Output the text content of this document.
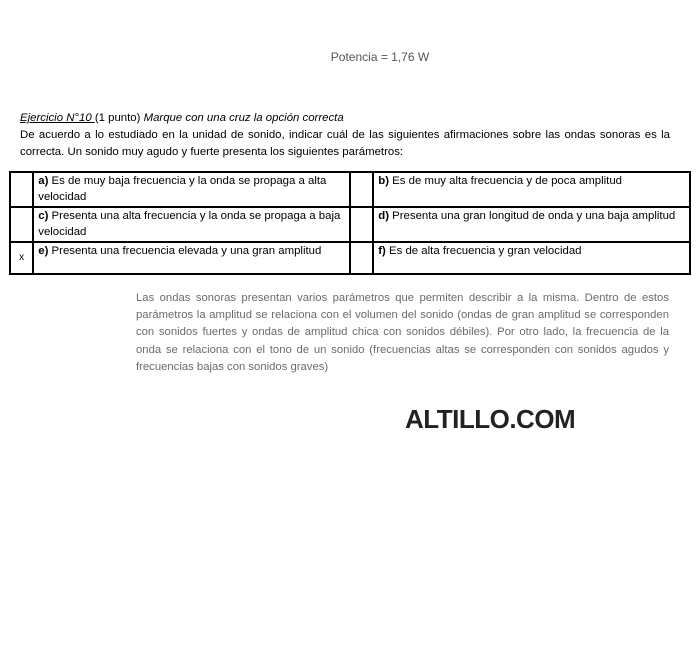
Potencia = 1,76 W
Ejercicio N°10 (1 punto) Marque con una cruz la opción correcta
De acuerdo a lo estudiado en la unidad de sonido, indicar cuál de las siguientes afirmaciones sobre las ondas sonoras es la correcta. Un sonido muy agudo y fuerte presenta los siguientes parámetros:
	a) Es de muy baja frecuencia y la onda se propaga a alta velocidad		b) Es de muy alta frecuencia y de poca amplitud
	c) Presenta una alta frecuencia y la onda se propaga a baja velocidad		d) Presenta una gran longitud de onda y una baja amplitud
x	e) Presenta una frecuencia elevada y una gran amplitud		f) Es de alta frecuencia y gran velocidad
Las ondas sonoras presentan varios parámetros que permiten describir a la misma. Dentro de estos parámetros la amplitud se relaciona con el volumen del sonido (ondas de gran amplitud se corresponden con sonidos fuertes y ondas de amplitud chica con sonidos débiles). Por otro lado, la frecuencia de la onda se relaciona con el tono de un sonido (frecuencias altas se corresponden con sonidos agudos y frecuencias bajas con sonidos graves)
ALTILLO.COM
